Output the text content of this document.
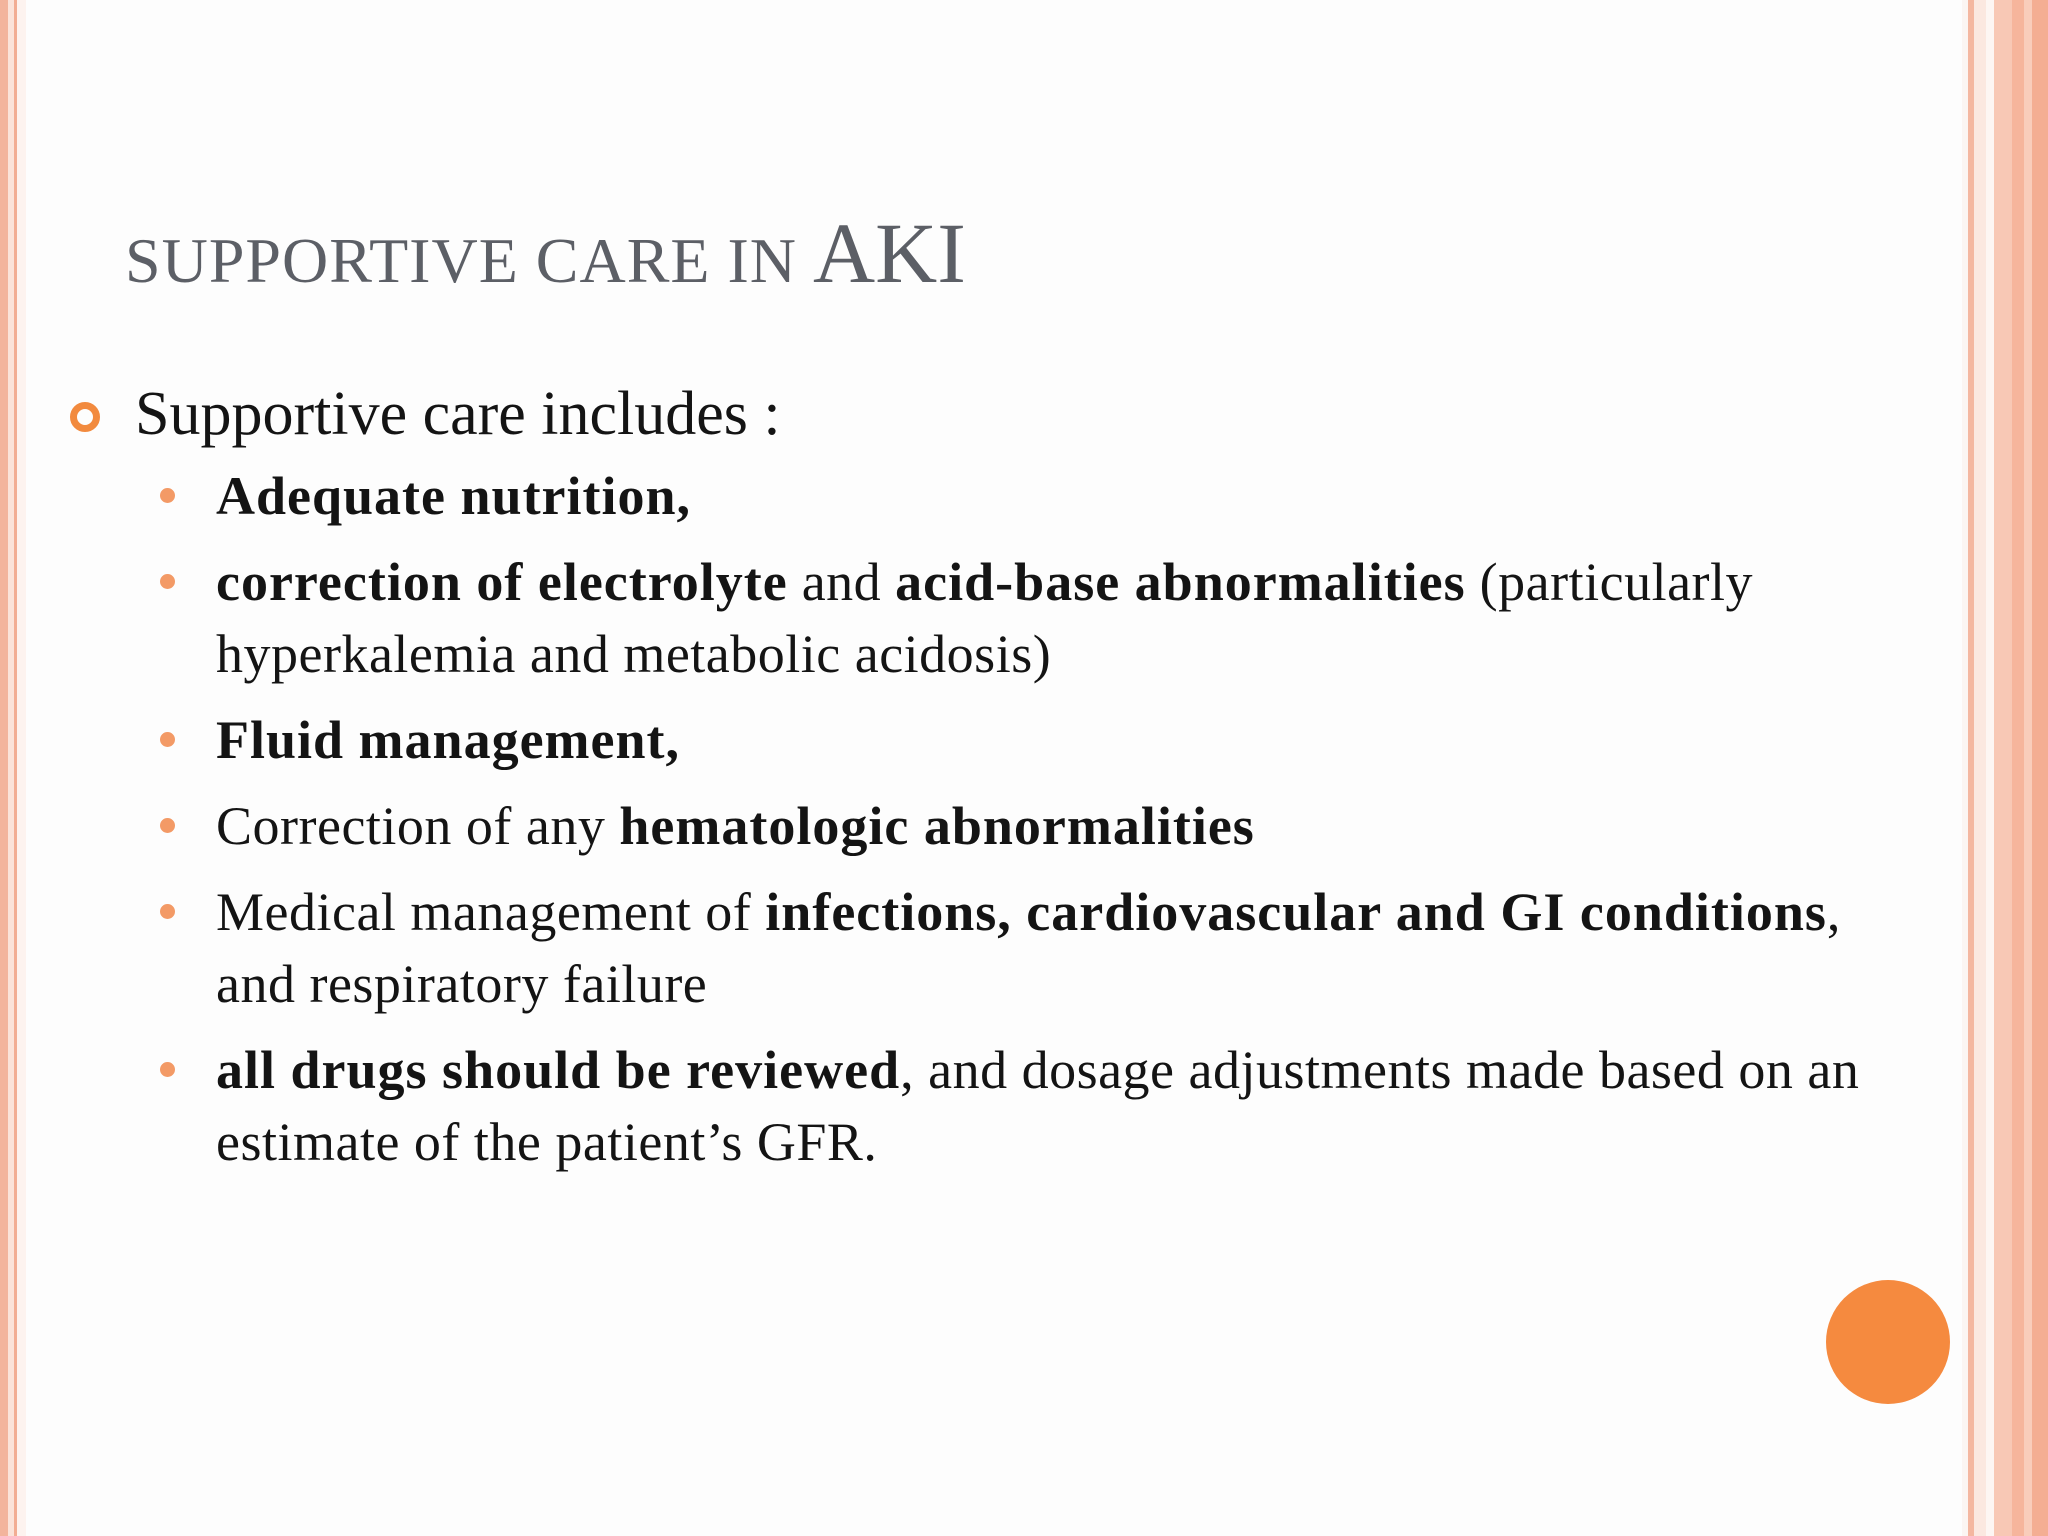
SUPPORTIVE CARE IN AKI
Supportive care includes :
Adequate nutrition,
correction of electrolyte and acid-base abnormalities (particularly hyperkalemia and metabolic acidosis)
Fluid management,
Correction of any hematologic abnormalities
Medical management of infections, cardiovascular and GI conditions, and respiratory failure
all drugs should be reviewed, and dosage adjustments made based on an estimate of the patient’s GFR.
